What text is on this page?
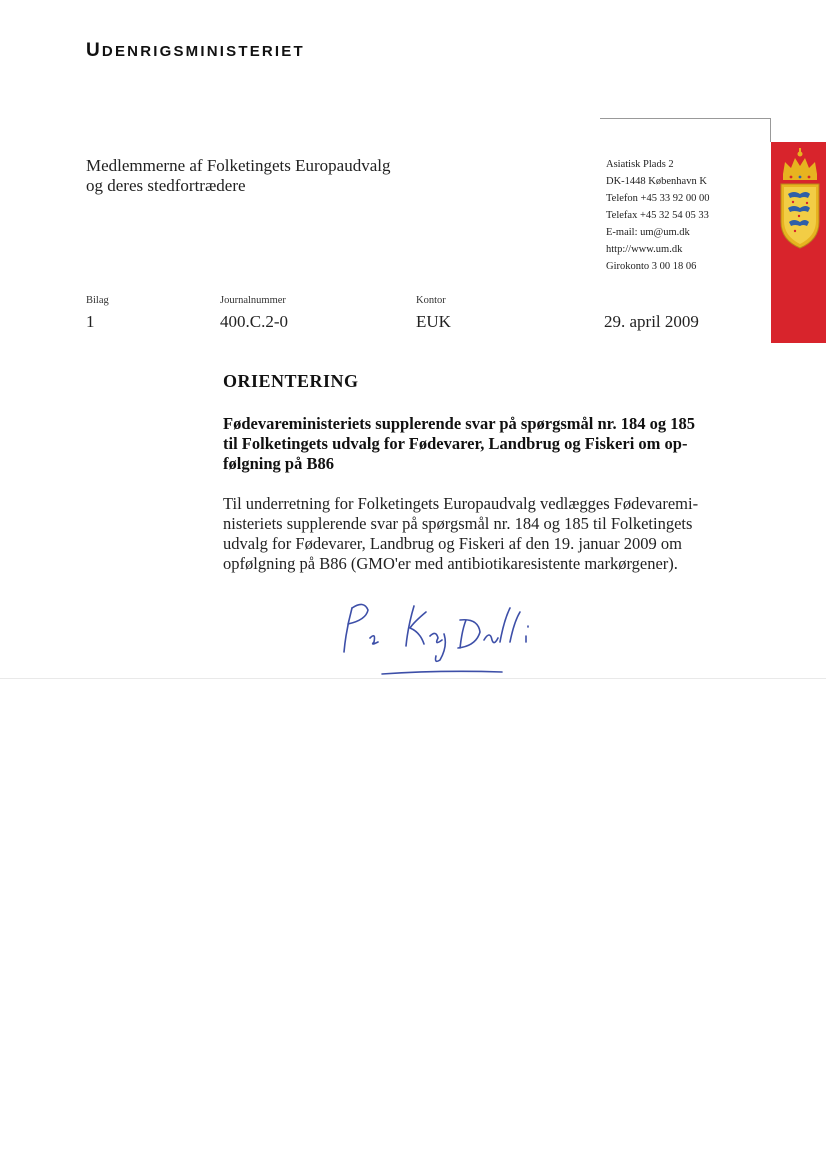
UDENRIGSMINISTERIET
Medlemmerne af Folketingets Europaudvalg
og deres stedfortrædere
Asiatisk Plads 2
DK-1448 København K
Telefon +45 33 92 00 00
Telefax +45 32 54 05 33
E-mail: um@um.dk
http://www.um.dk
Girokonto 3 00 18 06
Bilag
1
Journalnummer
400.C.2-0
Kontor
EUK	29. april 2009
ORIENTERING
Fødevareministeriets supplerende svar på spørgsmål nr. 184 og 185
til Folketingets udvalg for Fødevarer, Landbrug og Fiskeri om op-
følgning på B86
Til underretning for Folketingets Europaudvalg vedlægges Fødevaremi-
nisteriets supplerende svar på spørgsmål nr. 184 og 185 til Folketingets
udvalg for Fødevarer, Landbrug og Fiskeri af den 19. januar 2009 om
opfølgning på B86 (GMO'er med antibiotikaresistente markørgener).
